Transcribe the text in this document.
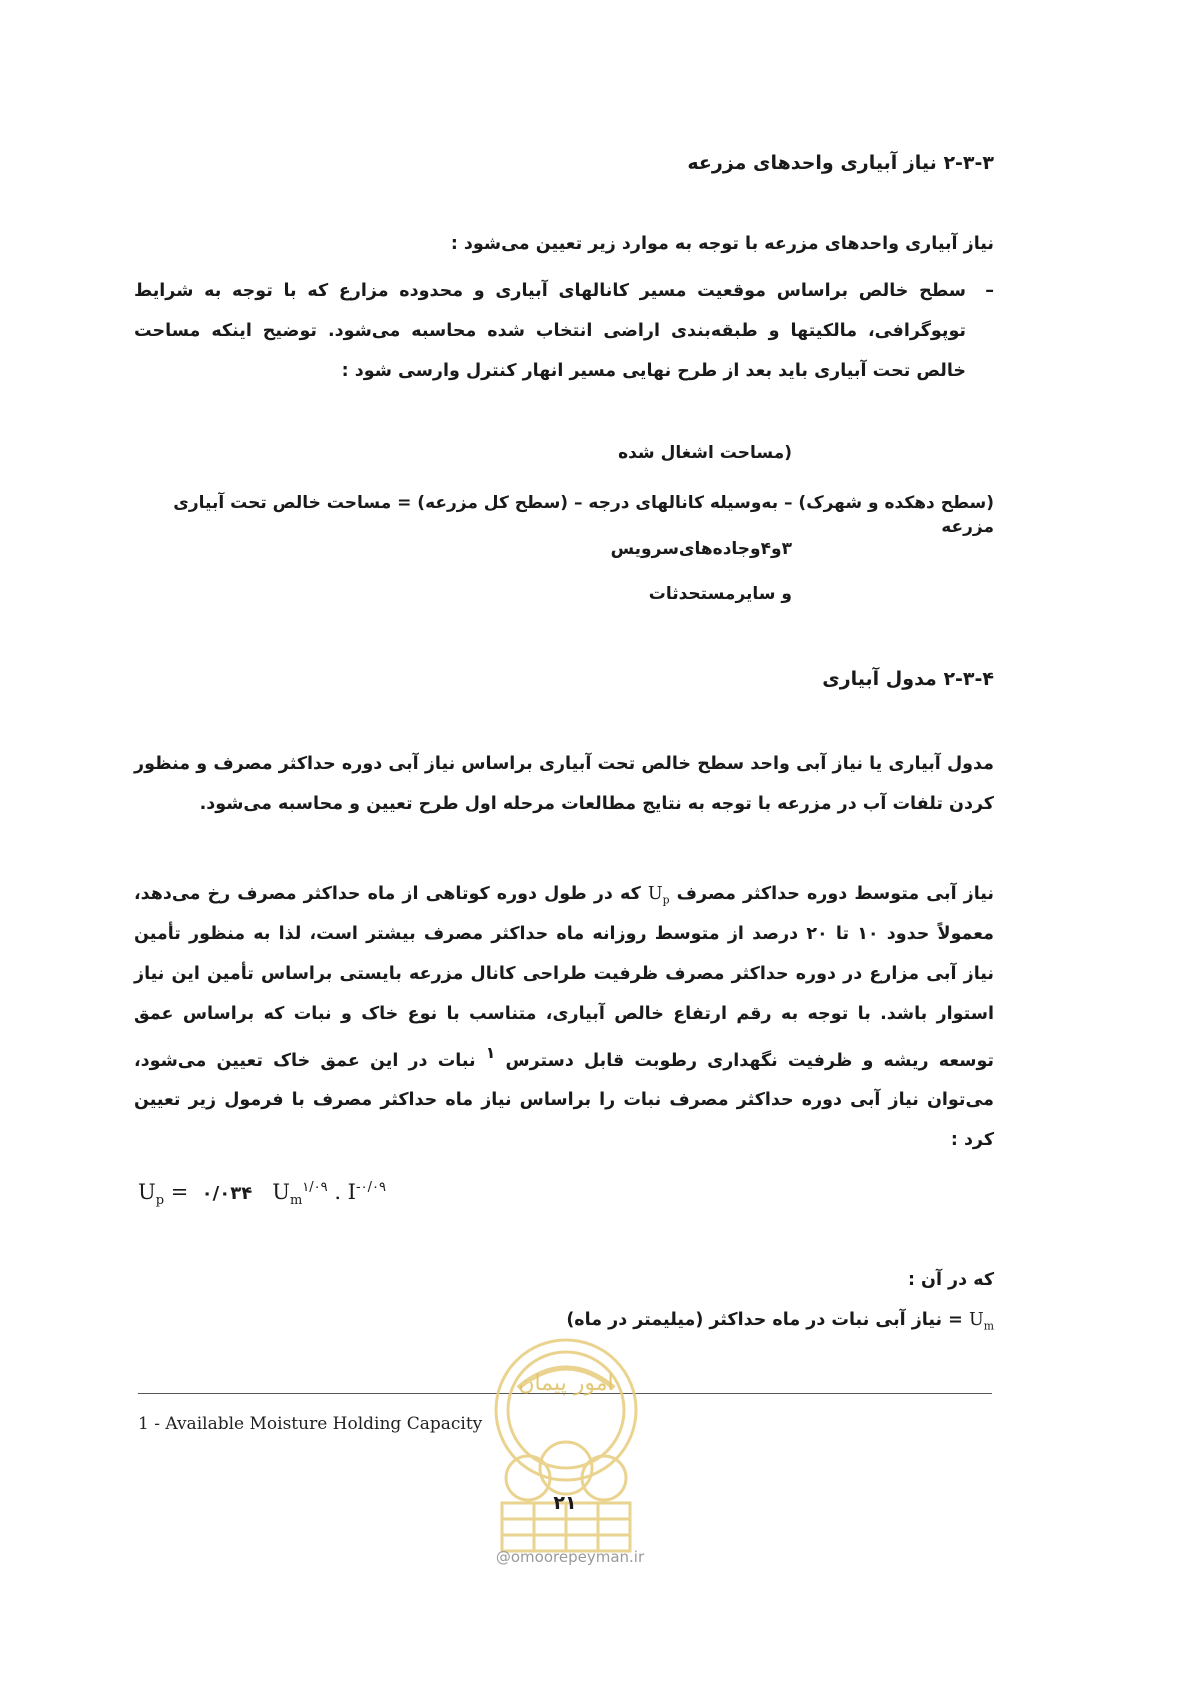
۲-۳-۳ نیاز آبیاری واحدهای مزرعه
نیاز آبیاری واحدهای مزرعه با توجه به موارد زیر تعیین می‌شود :
–
سطح خالص براساس موقعیت مسیر کانالهای آبیاری و محدوده مزارع که با توجه به شرایط توپوگرافی، مالکیتها و طبقه‌بندی اراضی انتخاب شده محاسبه می‌شود. توضیح اینکه مساحت خالص تحت آبیاری باید بعد از طرح نهایی مسیر انهار کنترل وارسی شود :
(مساحت اشغال شده
(سطح دهکده و شهرک) – به‌وسیله کانالهای درجه – (سطح کل مزرعه) = مساحت خالص تحت آبیاری مزرعه
۳و۴وجاده‌های‌سرویس
و سایرمستحدثات
۲-۳-۴ مدول آبیاری
مدول آبیاری یا نیاز آبی واحد سطح خالص تحت آبیاری براساس نیاز آبی دوره حداکثر مصرف و منظور کردن تلفات آب در مزرعه با توجه به نتایج مطالعات مرحله اول طرح تعیین و محاسبه می‌شود.
نیاز آبی متوسط دوره حداکثر مصرف $U_p$ که در طول دوره کوتاهی از ماه حداکثر مصرف رخ می‌دهد، معمولاً حدود ۱۰ تا ۲۰ درصد از متوسط روزانه ماه حداکثر مصرف بیشتر است، لذا به منظور تأمین نیاز آبی مزارع در دوره حداکثر مصرف ظرفیت طراحی کانال مزرعه بایستی براساس تأمین این نیاز استوار باشد. با توجه به رقم ارتفاع خالص آبیاری، متناسب با نوع خاک و نبات که براساس عمق توسعه ریشه و ظرفیت نگهداری رطوبت قابل دسترس $^۱$ نبات در این عمق خاک تعیین می‌شود، می‌توان نیاز آبی دوره حداکثر مصرف نبات را براساس نیاز ماه حداکثر مصرف با فرمول زیر تعیین کرد :
$U_p$ =  ۰/۰۳۴ $U_m^{۱/۰۹}$ . $I^{-۰/۰۹}$
که در آن :
$U_m$ = نیاز آبی نبات در ماه حداکثر (میلیمتر در ماه)
1 - Available Moisture Holding Capacity
امور پیمان
۲۱
@omoorepeyman.ir
